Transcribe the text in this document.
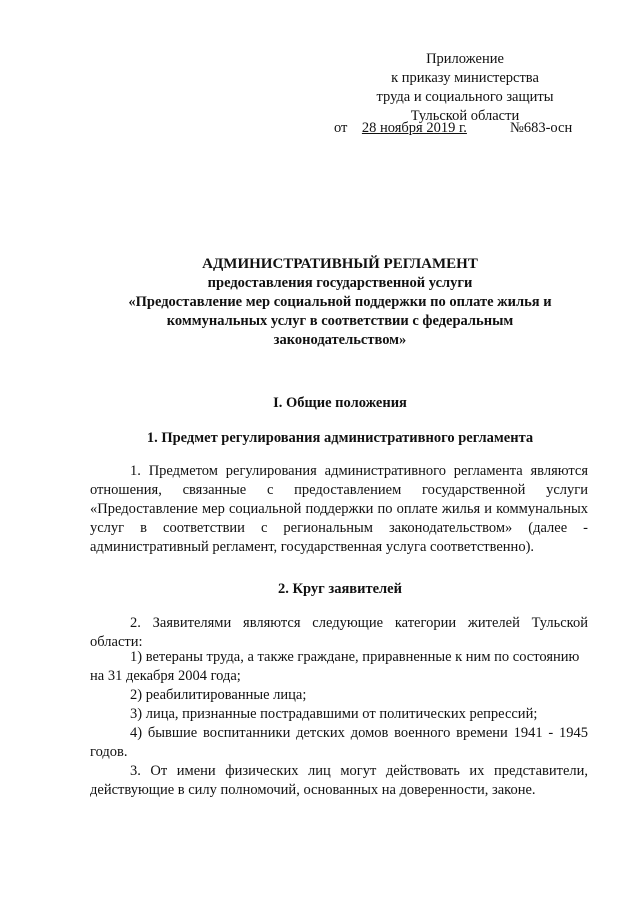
Приложение
к приказу министерства
труда и социального защиты
Тульской области
от 28 ноября 2019 г.	№683-осн
АДМИНИСТРАТИВНЫЙ РЕГЛАМЕНТ
предоставления государственной услуги
«Предоставление мер социальной поддержки по оплате жилья и
коммунальных услуг в соответствии с федеральным
законодательством»
I. Общие положения
1. Предмет регулирования административного регламента
1. Предметом регулирования административного регламента являются отношения, связанные с предоставлением государственной услуги «Предоставление мер социальной поддержки по оплате жилья и коммунальных услуг в соответствии с региональным законодательством» (далее - административный регламент, государственная услуга соответственно).
2. Круг заявителей
2. Заявителями являются следующие категории жителей Тульской области:
1) ветераны труда, а также граждане, приравненные к ним по состоянию на 31 декабря 2004 года;
2) реабилитированные лица;
3) лица, признанные пострадавшими от политических репрессий;
4) бывшие воспитанники детских домов военного времени 1941 - 1945 годов.
3. От имени физических лиц могут действовать их представители, действующие в силу полномочий, основанных на доверенности, законе.
